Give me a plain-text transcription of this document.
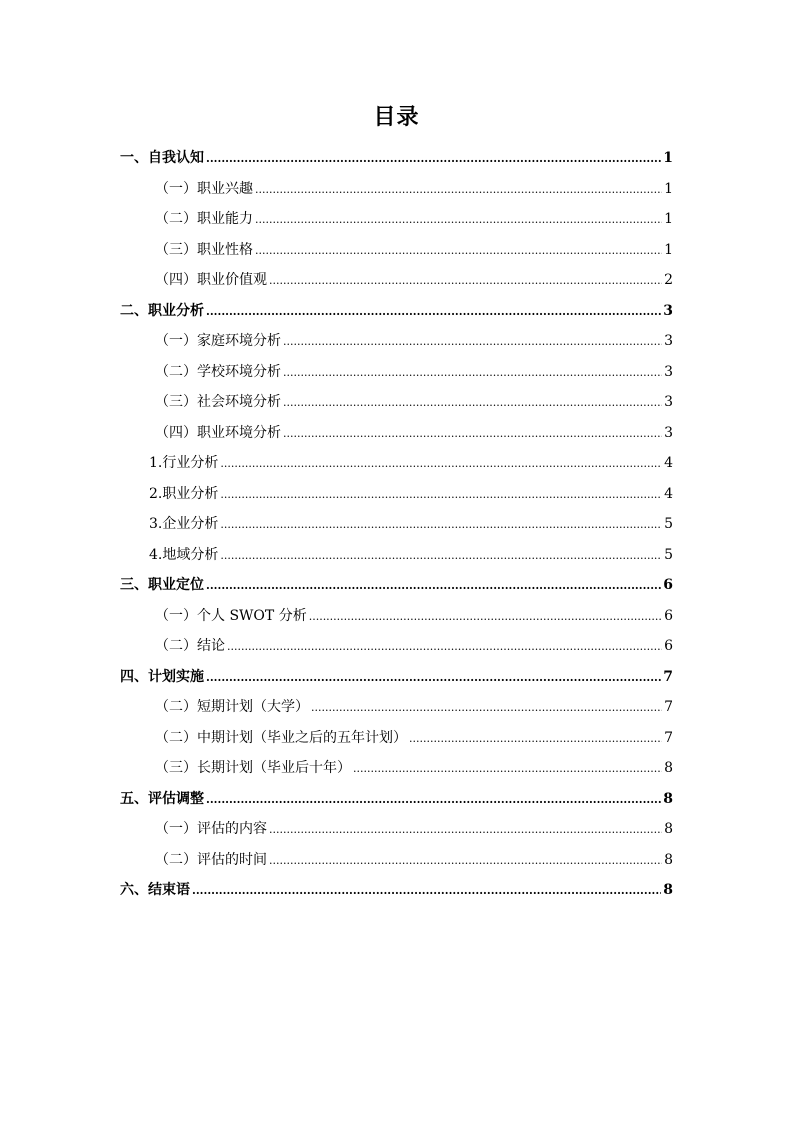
目录
一、自我认知 .....	1
（一）职业兴趣 .....	1
（二）职业能力 .....	1
（三）职业性格 .....	1
（四）职业价值观 .....	2
二、职业分析 .....	3
（一）家庭环境分析 .....	3
（二）学校环境分析 .....	3
（三）社会环境分析 .....	3
（四）职业环境分析 .....	3
1.行业分析 .....	4
2.职业分析 .....	4
3.企业分析 .....	5
4.地域分析 .....	5
三、职业定位 .....	6
（一）个人 SWOT 分析 .....	6
（二）结论 .....	6
四、计划实施 .....	7
（二）短期计划（大学） .....	7
（二）中期计划（毕业之后的五年计划） .....	7
（三）长期计划（毕业后十年） .....	8
五、评估调整 .....	8
（一）评估的内容 .....	8
（二）评估的时间 .....	8
六、结束语 .....	8
